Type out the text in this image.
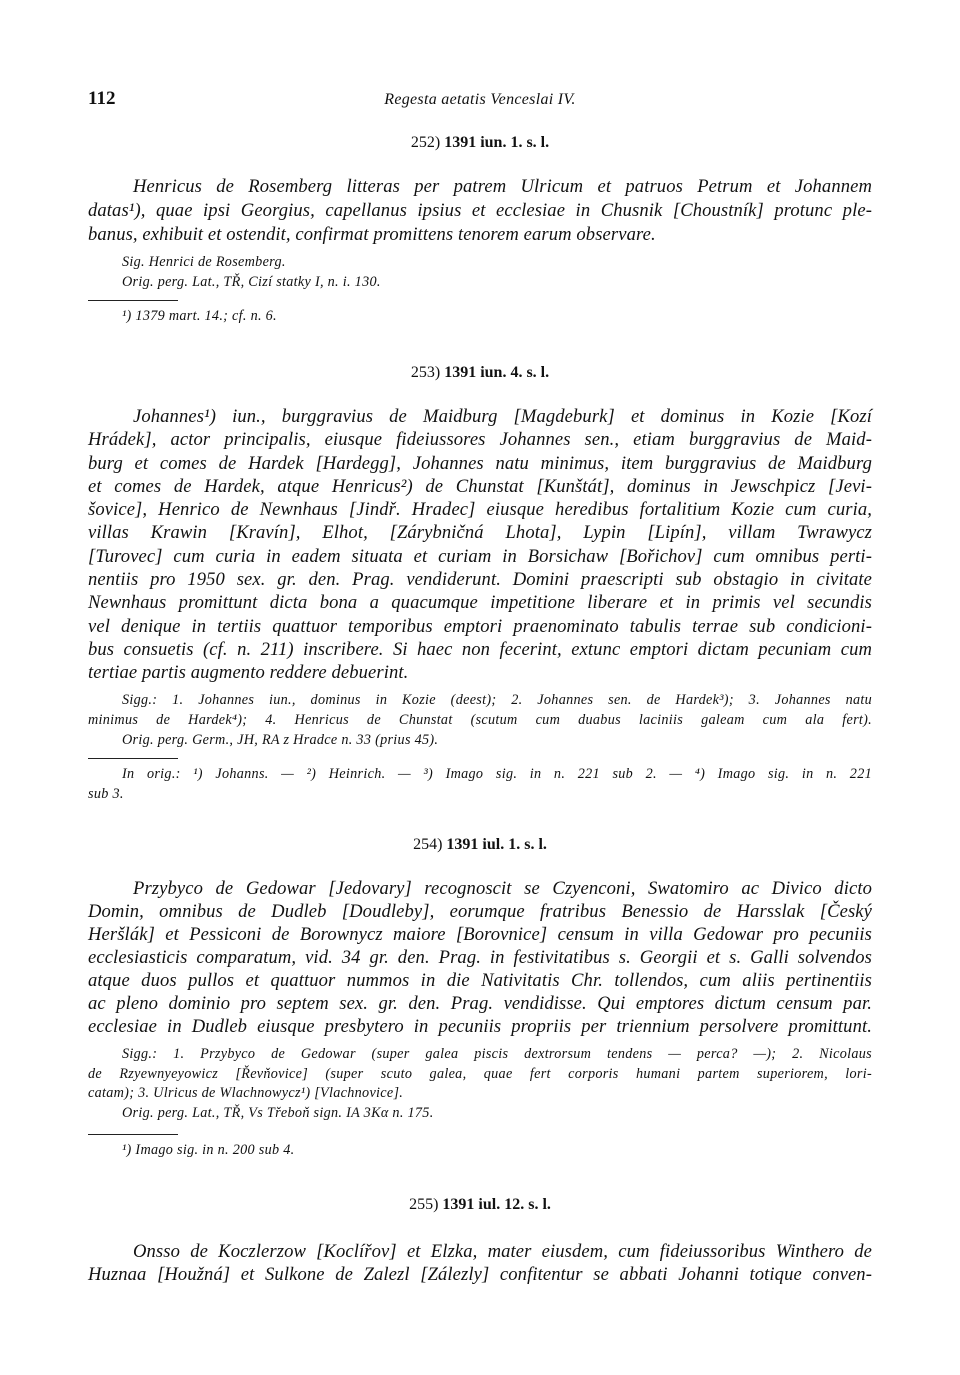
112	Regesta aetatis Venceslai IV.
252) 1391 iun. 1. s. l.
Henricus de Rosemberg litteras per patrem Ulricum et patruos Petrum et Johannem
datas¹), quae ipsi Georgius, capellanus ipsius et ecclesiae in Chusnik [Choustník] protunc ple-
banus, exhibuit et ostendit, confirmat promittens tenorem earum observare.
Sig. Henrici de Rosemberg.
Orig. perg. Lat., TŘ, Cizí statky I, n. i. 130.
¹) 1379 mart. 14.; cf. n. 6.
253) 1391 iun. 4. s. l.
Johannes¹) iun., burggravius de Maidburg [Magdeburk] et dominus in Kozie [Kozí
Hrádek], actor principalis, eiusque fideiussores Johannes sen., etiam burggravius de Maid-
burg et comes de Hardek [Hardegg], Johannes natu minimus, item burggravius de Maidburg
et comes de Hardek, atque Henricus²) de Chunstat [Kunštát], dominus in Jewschpicz [Jevi-
šovice], Henrico de Newnhaus [Jindř. Hradec] eiusque heredibus fortalitium Kozie cum curia,
villas Krawin [Kravín], Elhot, [Zárybničná Lhota], Lypin [Lipín], villam Twrawycz
[Turovec] cum curia in eadem situata et curiam in Borsichaw [Bořichov] cum omnibus perti-
nentiis pro 1950 sex. gr. den. Prag. vendiderunt. Domini praescripti sub obstagio in civitate
Newnhaus promittunt dicta bona a quacumque impetitione liberare et in primis vel secundis
vel denique in tertiis quattuor temporibus emptori praenominato tabulis terrae sub condicioni-
bus consuetis (cf. n. 211) inscribere. Si haec non fecerint, extunc emptori dictam pecuniam cum
tertiae partis augmento reddere debuerint.
Sigg.: 1. Johannes iun., dominus in Kozie (deest); 2. Johannes sen. de Hardek³); 3. Johannes natu
minimus de Hardek⁴); 4. Henricus de Chunstat (scutum cum duabus laciniis galeam cum ala fert).
Orig. perg. Germ., JH, RA z Hradce n. 33 (prius 45).
In orig.: ¹) Johanns. — ²) Heinrich. — ³) Imago sig. in n. 221 sub 2. — ⁴) Imago sig. in n. 221
sub 3.
254) 1391 iul. 1. s. l.
Przybyco de Gedowar [Jedovary] recognoscit se Czyenconi, Swatomiro ac Divico dicto
Domin, omnibus de Dudleb [Doudleby], eorumque fratribus Benessio de Harsslak [Český
Heršlák] et Pessiconi de Borownycz maiore [Borovnice] censum in villa Gedowar pro pecuniis
ecclesiasticis comparatum, vid. 34 gr. den. Prag. in festivitatibus s. Georgii et s. Galli solvendos
atque duos pullos et quattuor nummos in die Nativitatis Chr. tollendos, cum aliis pertinentiis
ac pleno dominio pro septem sex. gr. den. Prag. vendidisse. Qui emptores dictum censum par.
ecclesiae in Dudleb eiusque presbytero in pecuniis propriis per triennium persolvere promittunt.
Sigg.: 1. Przybyco de Gedowar (super galea piscis dextrorsum tendens — perca? —); 2. Nicolaus
de Rzyewnyeyowicz [Řevňovice] (super scuto galea, quae fert corporis humani partem superiorem, lori-
catam); 3. Ulricus de Wlachnowycz¹) [Vlachnovice].
Orig. perg. Lat., TŘ, Vs Třeboň sign. IA 3Kα n. 175.
¹) Imago sig. in n. 200 sub 4.
255) 1391 iul. 12. s. l.
Onsso de Koczlerzow [Koclířov] et Elzka, mater eiusdem, cum fideiussoribus Winthero de
Huznaa [Houžná] et Sulkone de Zalezl [Zálezly] confitentur se abbati Johanni totique conven-
